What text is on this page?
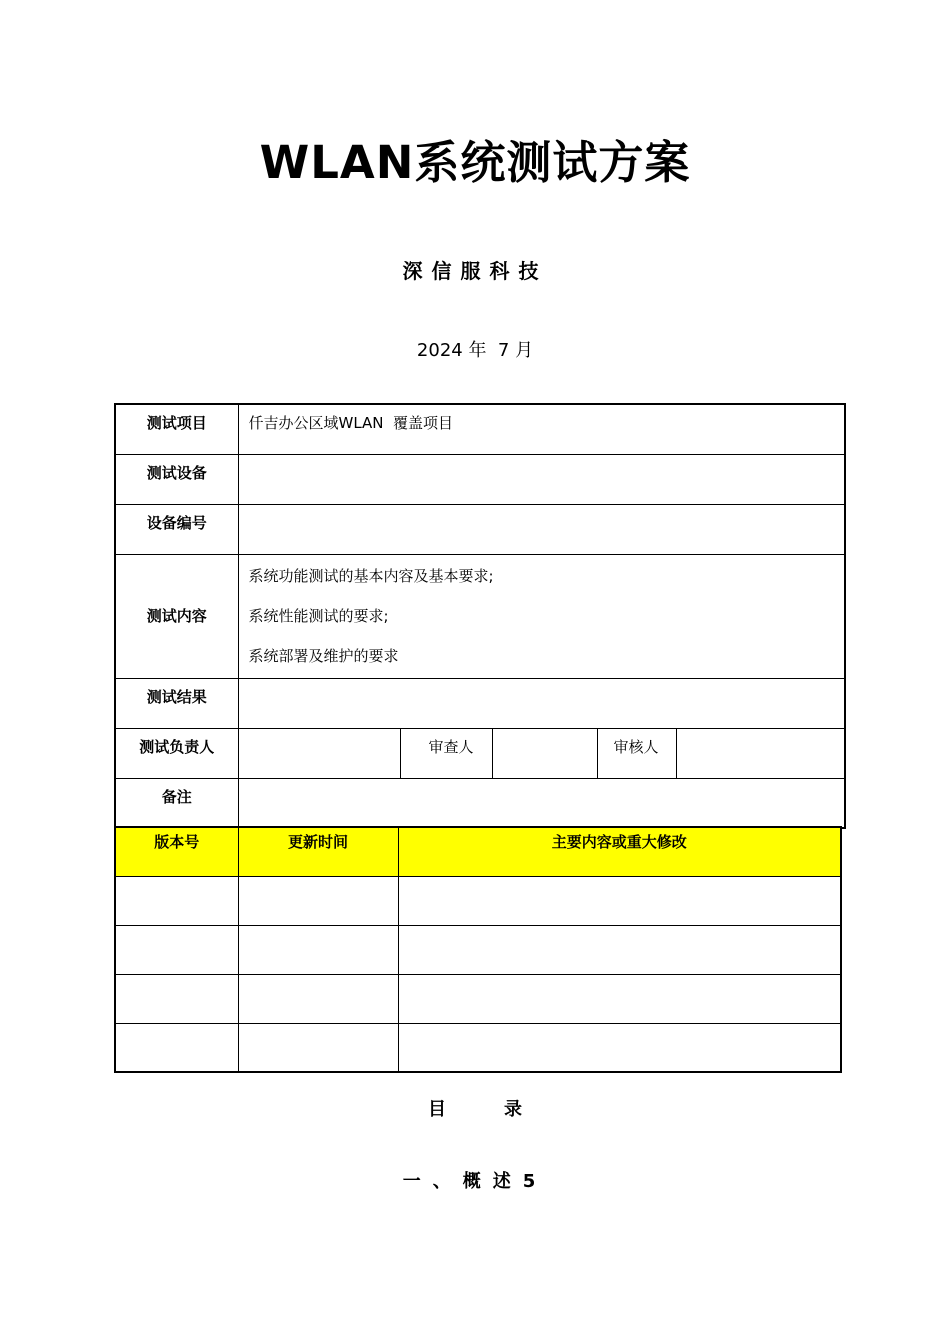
WLAN系统测试方案
深信服科技
2024 年  7 月
测试项目	仟吉办公区域WLAN  覆盖项目				
测试设备					
设备编号					
测试内容	系统功能测试的基本内容及基本要求;
系统性能测试的要求;
系统部署及维护的要求				

测试结果					
测试负责人		审查人		审核人	
备注					
版本号	更新时间	主要内容或重大修改

目	录
一、概述5
